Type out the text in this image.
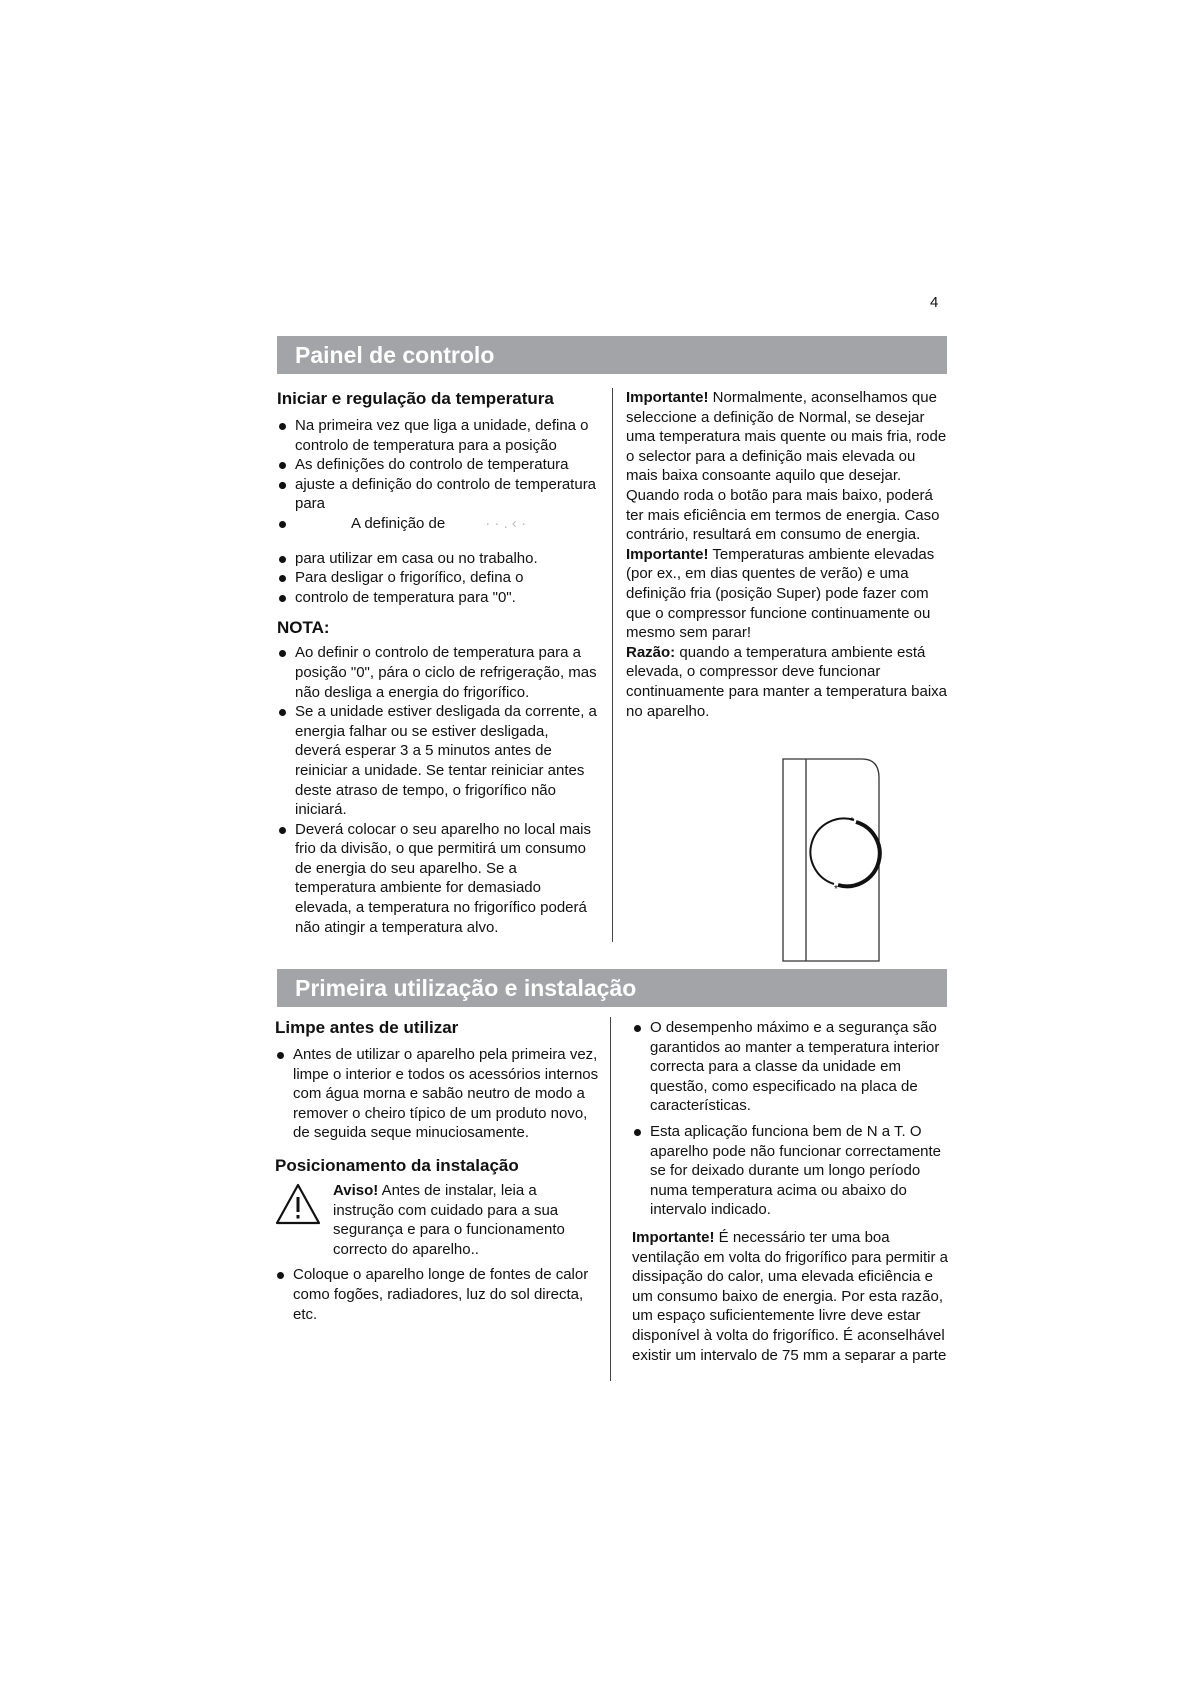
4
Painel de controlo
Iniciar e regulação da temperatura
Na primeira vez que liga a unidade, defina o controlo de temperatura para a posição
As definições do controlo de temperatura
ajuste a definição do controlo de temperatura para
A definição de	· · . ‹ ·
para utilizar em casa ou no trabalho.
Para desligar o frigorífico, defina o
controlo de temperatura para "0".
NOTA:
Ao definir o controlo de temperatura para a posição "0", pára o ciclo de refrigeração, mas não desliga a energia do frigorífico.
Se a unidade estiver desligada da corrente, a energia falhar ou se estiver desligada, deverá esperar 3 a 5 minutos antes de reiniciar a unidade. Se tentar reiniciar antes deste atraso de tempo, o frigorífico não iniciará.
Deverá colocar o seu aparelho no local mais frio da divisão, o que permitirá um consumo de energia do seu aparelho. Se a temperatura ambiente for demasiado elevada, a temperatura no frigorífico poderá não atingir a temperatura alvo.

Importante! Normalmente, aconselhamos que seleccione a definição de Normal, se desejar uma temperatura mais quente ou mais fria, rode o selector para a definição mais elevada ou mais baixa consoante aquilo que desejar. Quando roda o botão para mais baixo, poderá ter mais eficiência em termos de energia. Caso contrário, resultará em consumo de energia.

Importante! Temperaturas ambiente elevadas (por ex., em dias quentes de verão) e uma definição fria (posição Super) pode fazer com que o compressor funcione continuamente ou mesmo sem parar!

Razão: quando a temperatura ambiente está elevada, o compressor deve funcionar continuamente para manter a temperatura baixa no aparelho.

*
*
Primeira utilização e instalação
Limpe antes de utilizar
Antes de utilizar o aparelho pela primeira vez, limpe o interior e todos os acessórios internos com água morna e sabão neutro de modo a remover o cheiro típico de um produto novo, de seguida seque minuciosamente.
Posicionamento da instalação
Aviso! Antes de instalar, leia a instrução com cuidado para a sua segurança e para o funcionamento correcto do aparelho..
Coloque o aparelho longe de fontes de calor como fogões, radiadores, luz do sol directa, etc.
O desempenho máximo e a segurança são garantidos ao manter a temperatura interior correcta para a classe da unidade em questão, como especificado na placa de características.
Esta aplicação funciona bem de N a T. O aparelho pode não funcionar correctamente se for deixado durante um longo período numa temperatura acima ou abaixo do intervalo indicado.

Importante! É necessário ter uma boa ventilação em volta do frigorífico para permitir a dissipação do calor, uma elevada eficiência e um consumo baixo de energia. Por esta razão, um espaço suficientemente livre deve estar disponível à volta do frigorífico. É aconselhável existir um intervalo de 75 mm a separar a parte
